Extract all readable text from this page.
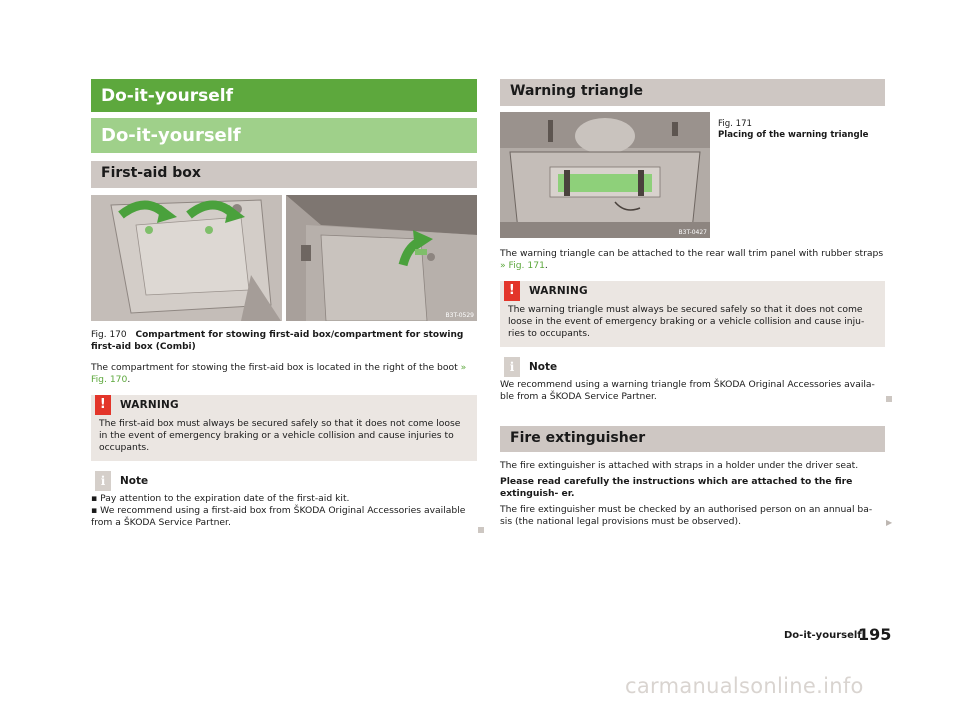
Do-it-yourself
Do-it-yourself
First-aid box
B3T-0529
Fig. 170 Compartment for stowing first-aid box/compartment for stowing first-aid box (Combi)

The compartment for stowing the first-aid box is located in the right of the boot » Fig. 170.

!	WARNING
The first-aid box must always be secured safely so that it does not come loose in the event of emergency braking or a vehicle collision and cause injuries to occupants.
i	Note
▪ Pay attention to the expiration date of the first-aid kit.
▪ We recommend using a first-aid box from ŠKODA Original Accessories available from a ŠKODA Service Partner.
Warning triangle
B3T-0427
Fig. 171
Placing of the warning triangle

The warning triangle can be attached to the rear wall trim panel with rubber straps » Fig. 171.

!	WARNING
The warning triangle must always be secured safely so that it does not come loose in the event of emergency braking or a vehicle collision and cause inju- ries to occupants.
i	Note
We recommend using a warning triangle from ŠKODA Original Accessories availa- ble from a ŠKODA Service Partner.
Fire extinguisher

The fire extinguisher is attached with straps in a holder under the driver seat.

Please read carefully the instructions which are attached to the fire extinguish- er.

The fire extinguisher must be checked by an authorised person on an annual ba- sis (the national legal provisions must be observed).	▶
Do-it-yourself
195
carmanualsonline.info
